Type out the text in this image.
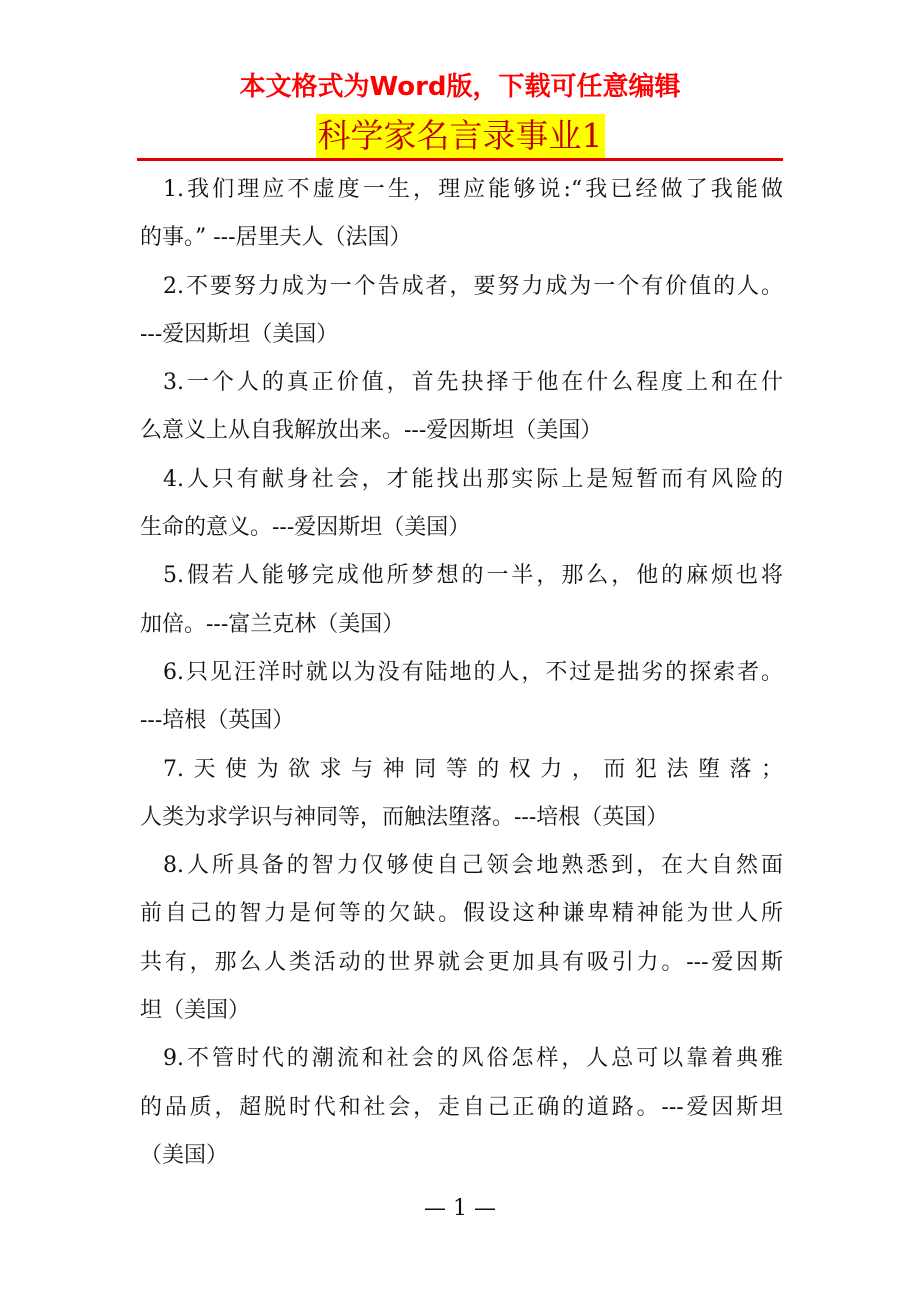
本文格式为Word版，下载可任意编辑
科学家名言录事业1
1.我们理应不虚度一生，理应能够说:“我已经做了我能做
的事。” ---居里夫人（法国）
2.不要努力成为一个告成者，要努力成为一个有价值的人。
---爱因斯坦（美国）
3.一个人的真正价值，首先抉择于他在什么程度上和在什
么意义上从自我解放出来。---爱因斯坦（美国）
4.人只有献身社会，才能找出那实际上是短暂而有风险的
生命的意义。---爱因斯坦（美国）
5.假若人能够完成他所梦想的一半，那么，他的麻烦也将
加倍。---富兰克林（美国）
6.只见汪洋时就以为没有陆地的人，不过是拙劣的探索者。
---培根（英国）
7.天使为欲求与神同等的权力，而犯法堕落；
人类为求学识与神同等，而触法堕落。---培根（英国）
8.人所具备的智力仅够使自己领会地熟悉到，在大自然面
前自己的智力是何等的欠缺。假设这种谦卑精神能为世人所
共有，那么人类活动的世界就会更加具有吸引力。---爱因斯
坦（美国）
9.不管时代的潮流和社会的风俗怎样，人总可以靠着典雅
的品质，超脱时代和社会，走自己正确的道路。---爱因斯坦
（美国）
— 1 —
